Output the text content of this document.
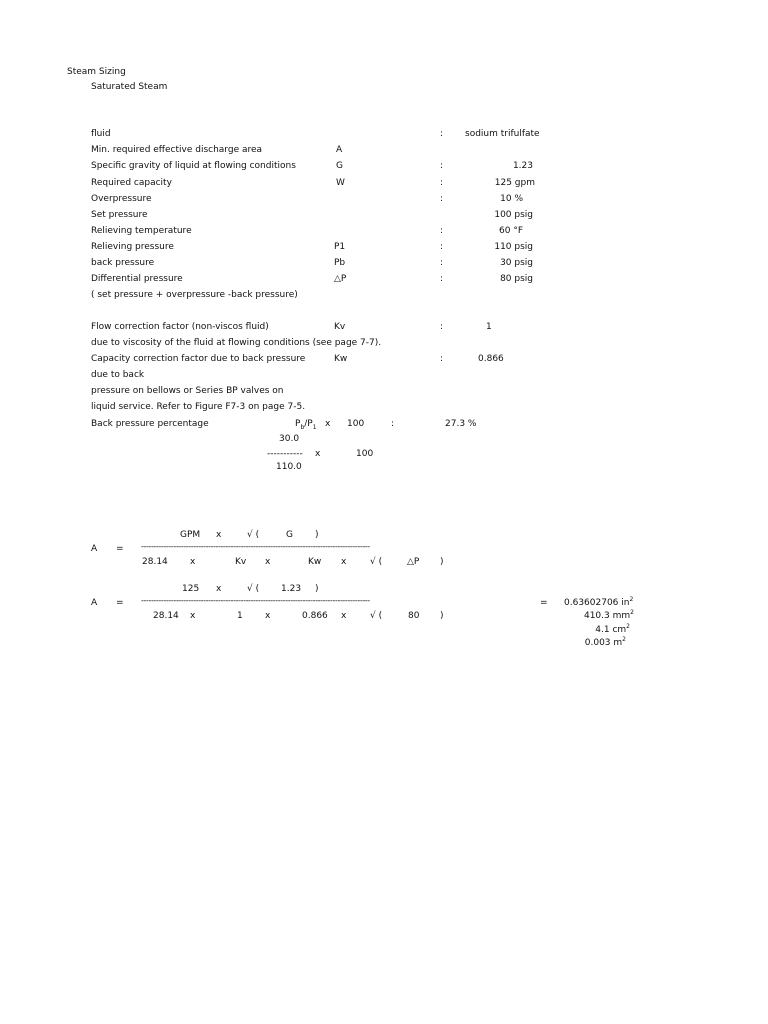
Steam Sizing
Saturated Steam
fluid	: sodium trifulfate
Min. required effective discharge area	A
Specific gravity of liquid at flowing conditions	G	:	1.23
Required capacity	W	:	125 gpm
Overpressure	:	10 %
Set pressure	100 psig
Relieving temperature	:	60 °F
Relieving pressure	P1	:	110 psig
back pressure	Pb	:	30 psig
Differential pressure	△P	:	80 psig
( set pressure + overpressure -back pressure)
Flow correction factor (non-viscos fluid)	Kv	:	1
due to viscosity of the fluid at flowing conditions (see page 7-7).
Capacity correction factor due to back pressure	Kw	:	0.866
due to back
pressure on bellows or Series BP valves on
liquid service. Refer to Figure F7-3 on page 7-5.
Back pressure percentage	$P_b/P_1$ x 100	:	27.3 %
30.0
----------- x	100
110.0
GPM x	√ (	G )
A = --------------------------------------------------------------------------------------------
28.14 x	Kv x	Kw x	√ (	△P )
125 x	√ ( 1.23 )
A = --------------------------------------------------------------------------------------------	=
28.14 x	1 x	0.866 x	√ (	80 )
0.63602706 $in^2$
410.3 $mm^2$
4.1 $cm^2$
0.003 $m^2$
